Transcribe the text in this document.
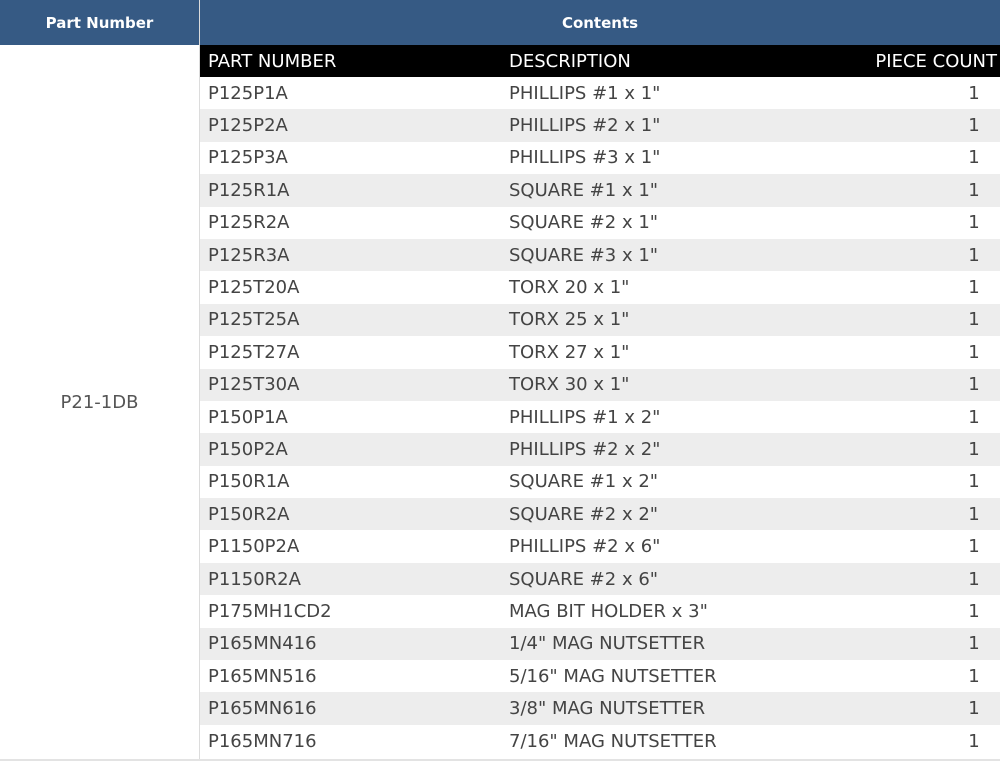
Part Number	Contents
P21-1DB
PART NUMBER	DESCRIPTION	PIECE COUNT
P125P1A	PHILLIPS #1 x 1"	1
P125P2A	PHILLIPS #2 x 1"	1
P125P3A	PHILLIPS #3 x 1"	1
P125R1A	SQUARE #1 x 1"	1
P125R2A	SQUARE #2 x 1"	1
P125R3A	SQUARE #3 x 1"	1
P125T20A	TORX 20 x 1"	1
P125T25A	TORX 25 x 1"	1
P125T27A	TORX 27 x 1"	1
P125T30A	TORX 30 x 1"	1
P150P1A	PHILLIPS #1 x 2"	1
P150P2A	PHILLIPS #2 x 2"	1
P150R1A	SQUARE #1 x 2"	1
P150R2A	SQUARE #2 x 2"	1
P1150P2A	PHILLIPS #2 x 6"	1
P1150R2A	SQUARE #2 x 6"	1
P175MH1CD2	MAG BIT HOLDER x 3"	1
P165MN416	1/4" MAG NUTSETTER	1
P165MN516	5/16" MAG NUTSETTER	1
P165MN616	3/8" MAG NUTSETTER	1
P165MN716	7/16" MAG NUTSETTER	1
